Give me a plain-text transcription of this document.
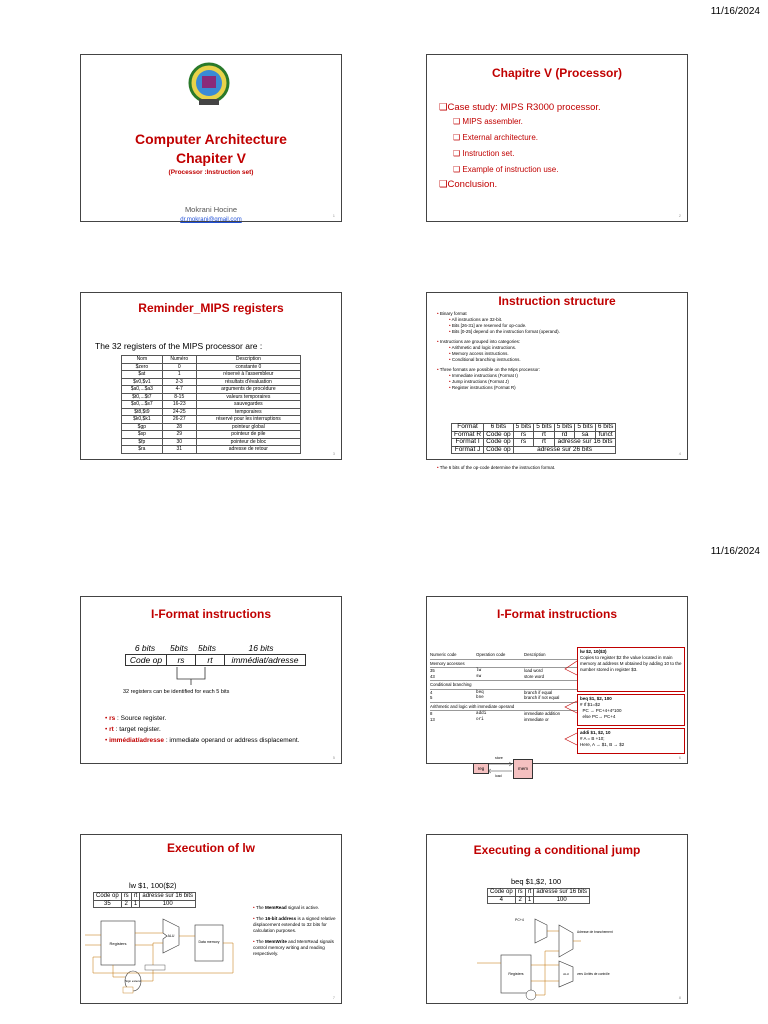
11/16/2024
11/16/2024
Computer Architecture
Chapiter V
(Processor :Instruction set)
Mokrani Hocine
dr.mokrani@gmail.com
1
Chapitre V (Processor)
❑Case study: MIPS R3000 processor.
❑ MIPS assembler.
❑ External architecture.
❑ Instruction set.
❑ Example of instruction use.
❑Conclusion.
2
Reminder_MIPS registers
The 32 registers of the MIPS processor are :
Nom	Numéro	Description
$zero	0	constante 0
$at	1	réservé à l'assembleur
$v0,$v1	2-3	résultats d'évaluation
$a0,...$a3	4-7	arguments de procédure
$t0,...$t7	8-15	valeurs temporaires
$s0,...$s7	16-23	sauvegardes
$t8,$t9	24-25	temporaires
$k0,$k1	26-27	réservé pour les interruptions
$gp	28	pointeur global
$sp	29	pointeur de pile
$fp	30	pointeur de bloc
$ra	31	adresse de retour
3
Instruction structure
• Binary format
• All instructions are 32-bit.
• Bits [26-31] are reserved for op-code.
• Bits [0-25] depend on the instruction format (operand).
• Instructions are grouped into categories:
• Arithmetic and logic instructions.
• Memory access instructions.
• Conditional branching instructions.
• Three formats are possible on the Mips processor:
• Immediate instructions (Format I)
• Jump instructions (Format J)
• Register instructions (Format R)
Format	6 bits	5 bits	5 bits	5 bits	5 bits	6 bits
Format R	Code op	rs	rt	rd	sa	funct
Format I	Code op	rs	rt	adresse sur 16 bits		
Format J	Code op	adresse sur 26 bits				
• The 6 bits of the op-code determine the instruction format.
4
I-Format instructions
6 bits 5bits 5bits	16 bits
Code op	rs	rt	immédiat/adresse
32 registers can be identified for each 5 bits
• rs : Source register.
• rt : target register.
• immédiat/adresse : immediate operand or address displacement.
5
I-Format instructions
Numeric code	Operation code	Description
Memory accesses
35	lw	load word
43	sw	store word
Conditional branching
4	beq	branch if equal
5	bne	branch if not equal
Arithmetic and logic with immediate operand
8	addi	immediate addition
13	ori	immediate or
lw $2, 10($3)
Copies to register $2 the value located in main memory at address M obtained by adding 10 to the number stored in register $3.
beq $1, $2, 100
# If $1=$2
PC → PC+4+4*100
else PC→ PC+4
addi $1, $2, 10
# A = B +10;
Here, A → $1, B → $2
reg	mem
store
load
6
Execution of lw
lw $1, 100($2)
Code op	rs	rt	adresse sur 16 bits
35	2	1	100
Registers
ALU
Data memory
Sign extend
• The MemRead signal is active.
• The 16-bit address is a signed relative displacement extended to 32 bits for calculation purposes.
• The MemWrite and MemRead signals control memory writing and reading respectively.
7
Executing a conditional jump
beq $1,$2, 100
Code op	rs	rt	adresse sur 16 bits
4	2	1	100
PC+4
Adresse de branchement
Registers	ALU	vers Unités de contrôle
8
